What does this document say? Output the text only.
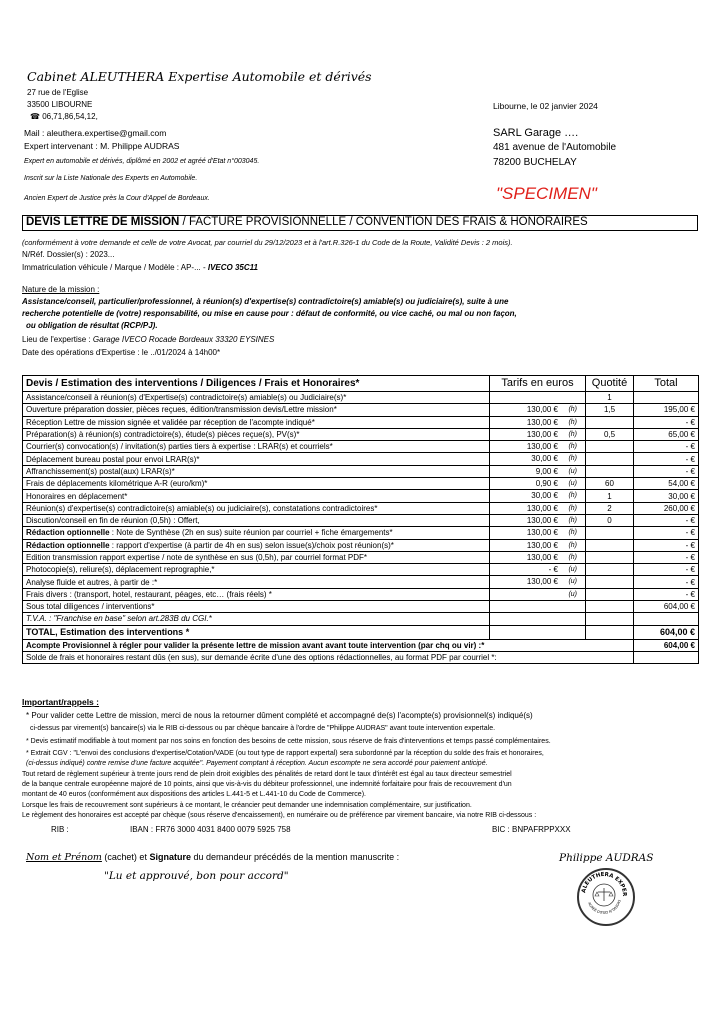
Cabinet ALEUTHERA Expertise Automobile et dérivés
27 rue de l'Eglise
33500 LIBOURNE
☎ 06,71,86,54,12,
Mail : aleuthera.expertise@gmail.com
Expert intervenant : M. Philippe AUDRAS
Expert en automobile et dérivés, diplômé en 2002 et agréé d'Etat n°003045.
Inscrit sur la Liste Nationale des Experts en Automobile.
Ancien Expert de Justice près la Cour d'Appel de Bordeaux.
Libourne, le 02 janvier 2024
SARL Garage ….
481 avenue de l'Automobile
78200 BUCHELAY
"SPECIMEN"
DEVIS LETTRE DE MISSION / FACTURE PROVISIONNELLE / CONVENTION DES FRAIS & HONORAIRES
(conformément à votre demande et celle de votre Avocat, par courriel du 29/12/2023 et à l'art.R.326-1 du Code de la Route, Validité Devis : 2 mois).
N/Réf. Dossier(s) : 2023...
Immatriculation véhicule / Marque / Modèle : AP-... - IVECO 35C11
Nature de la mission :
Assistance/conseil, particulier/professionnel, à réunion(s) d'expertise(s) contradictoire(s) amiable(s) ou judiciaire(s), suite à une
recherche potentielle de (votre) responsabilité, ou mise en cause pour : défaut de conformité, ou vice caché, ou mal ou non façon,
ou obligation de résultat (RCP/PJ).
Lieu de l'expertise : Garage IVECO Rocade Bordeaux 33320 EYSINES
Date des opérations d'Expertise : le ../01/2024 à 14h00*
Devis / Estimation des interventions / Diligences / Frais et Honoraires*	Tarifs en euros	Quotité	Total
Assistance/conseil à réunion(s) d'Expertise(s) contradictoire(s) amiable(s) ou Judiciaire(s)*		1	
Ouverture préparation dossier, pièces reçues, édition/transmission devis/Lettre mission*	130,00 € (h)	1,5	195,00 €
Réception Lettre de mission signée et validée par réception de l'acompte indiqué*	130,00 € (h)		- €
Préparation(s) à réunion(s) contradictoire(s), étude(s) pièces reçue(s), PV(s)*	130,00 € (h)	0,5	65,00 €
Courrier(s) convocation(s) / invitation(s) parties tiers à expertise : LRAR(s) et courriels*	130,00 € (h)		- €
Déplacement bureau postal pour envoi LRAR(s)*	30,00 € (h)		- €
Affranchissement(s) postal(aux) LRAR(s)*	9,00 € (u)		- €
Frais de déplacements kilométrique A-R (euro/km)*	0,90 € (u)	60	54,00 €
Honoraires en déplacement*	30,00 € (h)	1	30,00 €
Réunion(s) d'expertise(s) contradictoire(s) amiable(s) ou judiciaire(s), constatations contradictoires*	130,00 € (h)	2	260,00 €
Discution/conseil en fin de réunion (0,5h) : Offert,	130,00 € (h)	0	- €
Rédaction optionnelle : Note de Synthèse (2h en sus) suite réunion par courriel + fiche émargements*	130,00 € (h)		- €
Rédaction optionnelle : rapport d'expertise (à partir de 4h en sus) selon issue(s)/choix post réunion(s)*	130,00 € (h)		- €
Edition transmission rapport expertise / note de synthèse en sus (0,5h), par courriel format PDF*	130,00 € (h)		- €
Photocopie(s), reliure(s), déplacement reprographie,*	- € (u)		- €
Analyse fluide et autres, à partir de :*	130,00 € (u)		- €
Frais divers : (transport, hotel, restaurant, péages, etc… (frais réels) *	(u)		- €
Sous total diligences / interventions*			604,00 €
T.V.A. : "Franchise en base" selon art.283B du CGI.*			
TOTAL, Estimation des interventions *			604,00 €
Acompte Provisionnel à régler pour valider la présente lettre de mission avant avant toute intervention (par chq ou vir) :*			604,00 €
Solde de frais et honoraires restant dûs (en sus), sur demande écrite d'une des options rédactionnelles, au format PDF par courriel *:			
Important/rappels :
* Pour valider cette Lettre de mission, merci de nous la retourner dûment complété et accompagné de(s) l'acompte(s) provisionnel(s) indiqué(s)
ci-dessus par virement(s) bancaire(s) via le RIB ci-dessous ou par chèque bancaire à l'ordre de "Philippe AUDRAS" avant toute intervention expertale.
* Devis estimatif modifiable à tout moment par nos soins en fonction des besoins de cette mission, sous réserve de frais d'interventions et temps passé complémentaires.
* Extrait CGV : "L'envoi des conclusions d'expertise/Cotation/VADE (ou tout type de rapport expertal) sera subordonné par la réception du solde des frais et honoraires,
(ci-dessus indiqué) contre remise d'une facture acquitée". Payement comptant à réception. Aucun escompte ne sera accordé pour paiement anticipé.
Tout retard de règlement supérieur à trente jours rend de plein droit exigibles des pénalités de retard dont le taux d'intérêt est égal au taux directeur semestriel
de la banque centrale européenne majoré de 10 points, ainsi que vis-à-vis du débiteur professionnel, une indemnité forfaitaire pour frais de recouvrement d'un
montant de 40 euros (conformément aux dispositions des articles L.441-5 et L.441-10 du Code de Commerce).
Lorsque les frais de recouvrement sont supérieurs à ce montant, le créancier peut demander une indemnisation complémentaire, sur justification.
Le règlement des honoraires est accepté par chèque (sous réserve d'encaissement), en numéraire ou de préférence par virement bancaire, via notre RIB ci-dessous :
RIB :	IBAN : FR76 3000 4031 8400 0079 5925 758	BIC : BNPAFRPPXXX
Nom et Prénom (cachet) et Signature du demandeur précédés de la mention manuscrite :
"Lu et approuvé, bon pour accord"
Philippe AUDRAS
ALEUTHERA EXPER
AGRÉÉ D'ETAT N°003045
